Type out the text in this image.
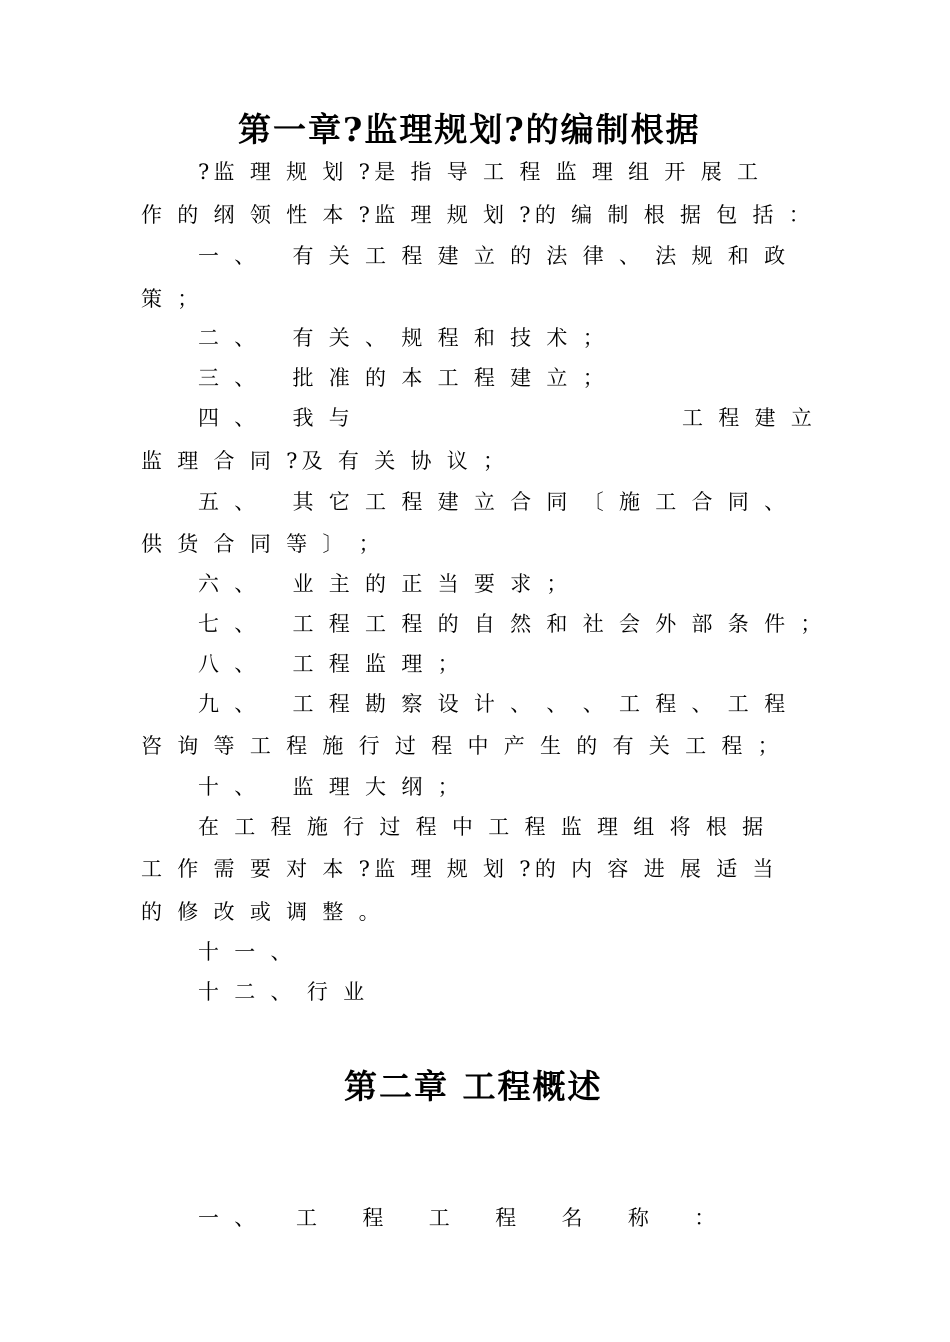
第一章?监理规划?的编制根据
?监 理 规 划 ?是 指 导 工 程 监 理 组 开 展 工
作 的 纲 领 性 本 ?监 理 规 划 ?的 编 制 根 据 包 括 ：
一 、   有 关 工 程 建 立 的 法 律 、 法 规 和 政
策 ；
二 、   有 关 、 规 程 和 技 术 ；
三 、   批 准 的 本 工 程 建 立 ；
四 、   我 与	工 程 建 立
监 理 合 同 ?及 有 关 协 议 ；
五 、   其 它 工 程 建 立 合 同 〔 施 工 合 同 、
供 货 合 同 等 〕 ；
六 、   业 主 的 正 当 要 求 ；
七 、   工 程 工 程 的 自 然 和 社 会 外 部 条 件 ；
八 、   工 程 监 理 ；
九 、   工 程 勘 察 设 计 、 、 、 工 程 、 工 程
咨 询 等 工 程 施 行 过 程 中 产 生 的 有 关 工 程 ；
十 、   监 理 大 纲 ；
在 工 程 施 行 过 程 中 工 程 监 理 组 将 根 据
工 作 需 要 对 本 ?监 理 规 划 ?的 内 容 进 展 适 当
的 修 改 或 调 整 。
十 一 、
十 二 、 行 业
第二章 工程概述
一 、 工     程     工     程     名     称     ：
